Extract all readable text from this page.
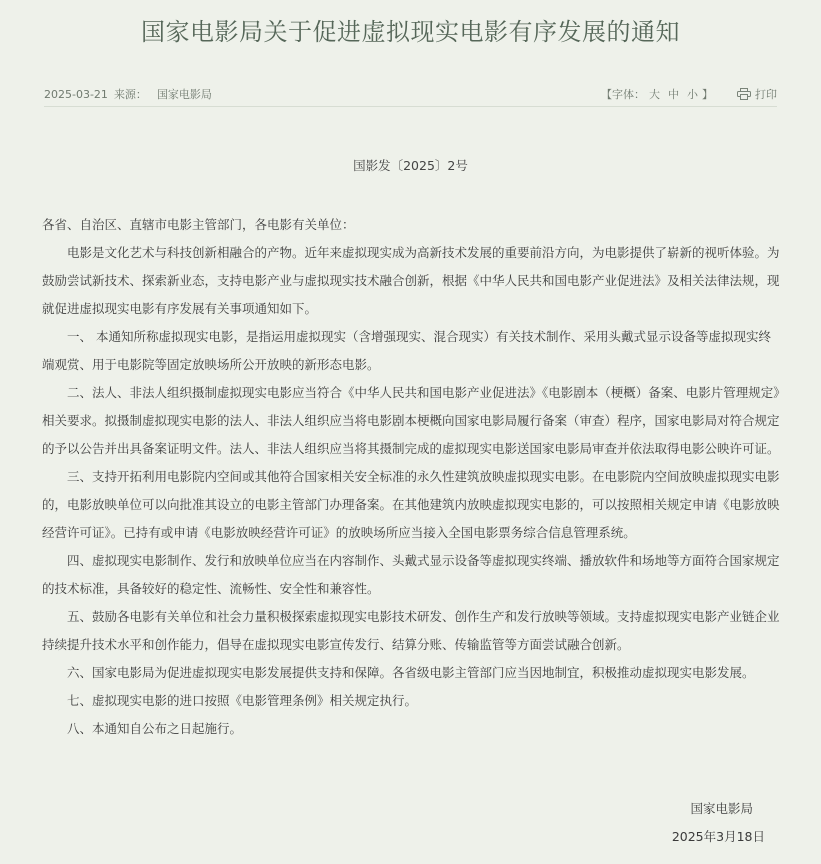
国家电影局关于促进虚拟现实电影有序发展的通知
2025-03-21 来源： 国家电影局	【字体： 大 中 小 】	打印
国影发〔2025〕2号

各省、自治区、直辖市电影主管部门，各电影有关单位：

电影是文化艺术与科技创新相融合的产物。近年来虚拟现实成为高新技术发展的重要前沿方向，为电影提供了崭新的视听体验。为鼓励尝试新技术、探索新业态，支持电影产业与虚拟现实技术融合创新，根据《中华人民共和国电影产业促进法》及相关法律法规，现就促进虚拟现实电影有序发展有关事项通知如下。

一、 本通知所称虚拟现实电影，是指运用虚拟现实（含增强现实、混合现实）有关技术制作、采用头戴式显示设备等虚拟现实终端观赏、用于电影院等固定放映场所公开放映的新形态电影。

二、法人、非法人组织摄制虚拟现实电影应当符合《中华人民共和国电影产业促进法》《电影剧本（梗概）备案、电影片管理规定》相关要求。拟摄制虚拟现实电影的法人、非法人组织应当将电影剧本梗概向国家电影局履行备案（审查）程序，国家电影局对符合规定的予以公告并出具备案证明文件。法人、非法人组织应当将其摄制完成的虚拟现实电影送国家电影局审查并依法取得电影公映许可证。

三、支持开拓利用电影院内空间或其他符合国家相关安全标准的永久性建筑放映虚拟现实电影。在电影院内空间放映虚拟现实电影的，电影放映单位可以向批准其设立的电影主管部门办理备案。在其他建筑内放映虚拟现实电影的，可以按照相关规定申请《电影放映经营许可证》。已持有或申请《电影放映经营许可证》的放映场所应当接入全国电影票务综合信息管理系统。

四、虚拟现实电影制作、发行和放映单位应当在内容制作、头戴式显示设备等虚拟现实终端、播放软件和场地等方面符合国家规定的技术标准，具备较好的稳定性、流畅性、安全性和兼容性。

五、鼓励各电影有关单位和社会力量积极探索虚拟现实电影技术研发、创作生产和发行放映等领域。支持虚拟现实电影产业链企业持续提升技术水平和创作能力，倡导在虚拟现实电影宣传发行、结算分账、传输监管等方面尝试融合创新。

六、国家电影局为促进虚拟现实电影发展提供支持和保障。各省级电影主管部门应当因地制宜，积极推动虚拟现实电影发展。

七、虚拟现实电影的进口按照《电影管理条例》相关规定执行。

八、本通知自公布之日起施行。

国家电影局
2025年3月18日
